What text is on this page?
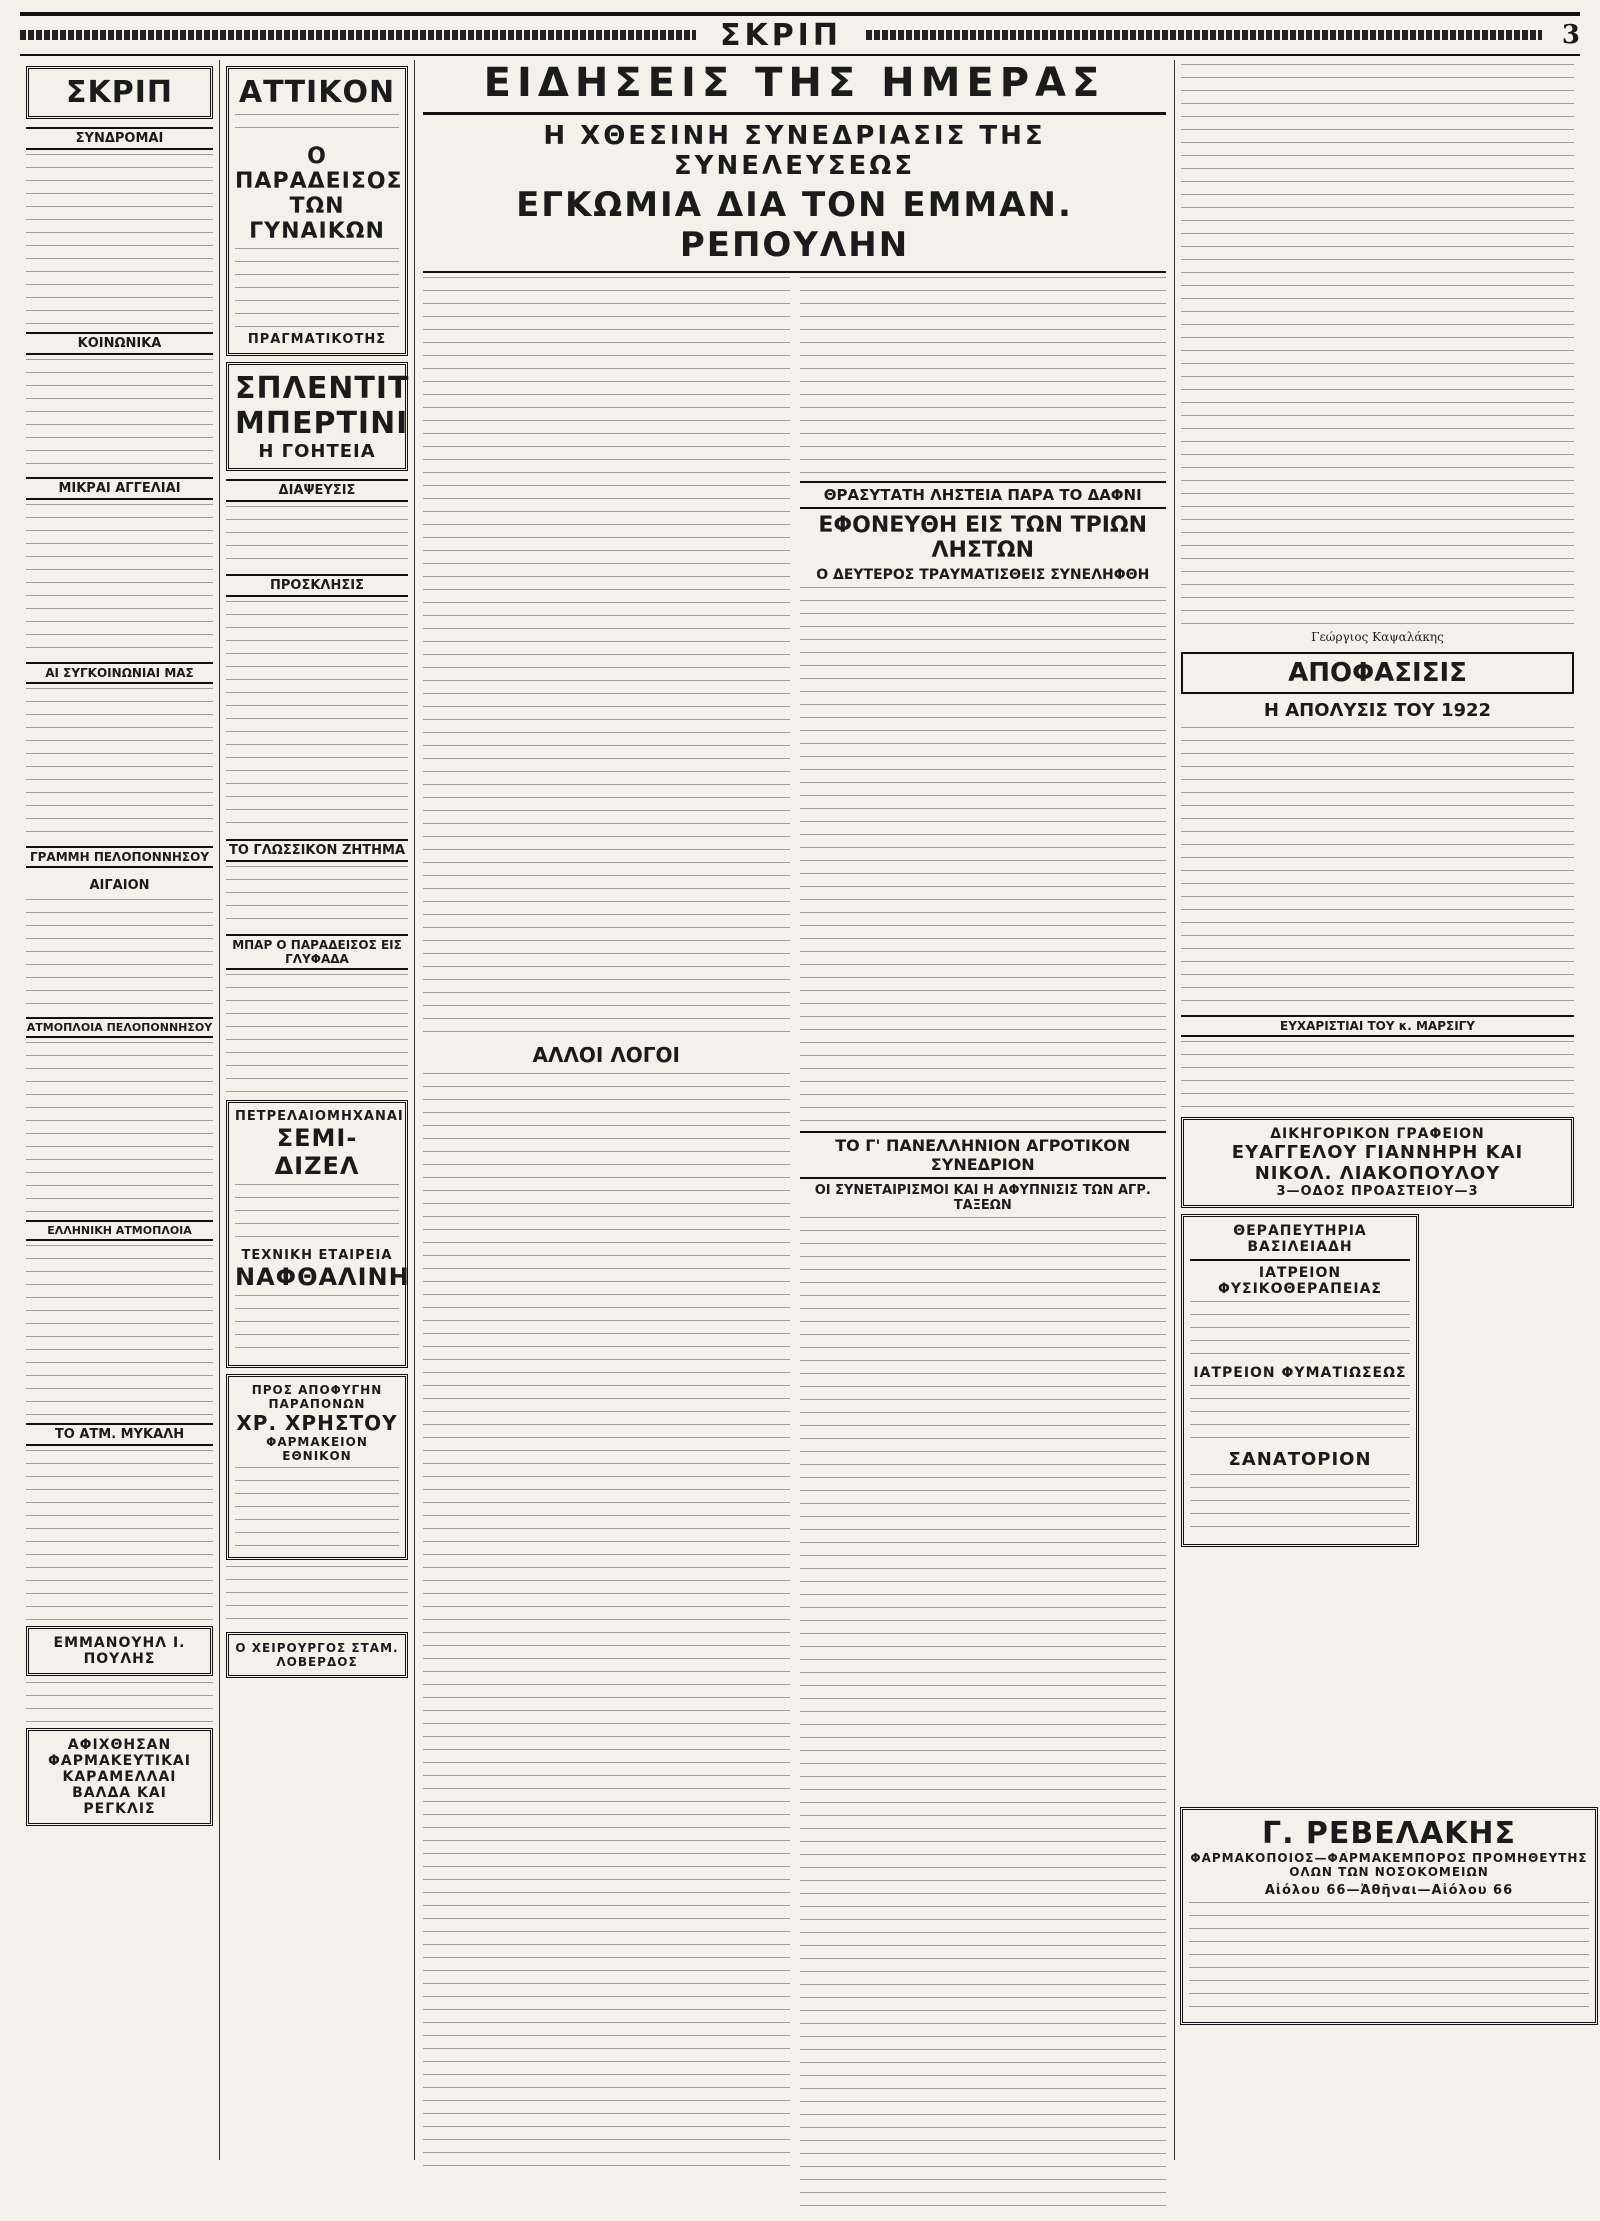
ΣΚΡΙΠ	3
ΣΚΡΙΠ
ΣΥΝΔΡΟΜΑΙ
ΚΟΙΝΩΝΙΚΑ
ΜΙΚΡΑΙ ΑΓΓΕΛΙΑΙ
ΑΙ ΣΥΓΚΟΙΝΩΝΙΑΙ ΜΑΣ
ΓΡΑΜΜΗ ΠΕΛΟΠΟΝΝΗΣΟΥ
ΑΙΓΑΙΟΝ
ΑΤΜΟΠΛΟΙΑ ΠΕΛΟΠΟΝΝΗΣΟΥ
ΕΛΛΗΝΙΚΗ ΑΤΜΟΠΛΟΙΑ
ΤΟ ΑΤΜ. ΜΥΚΑΛΗ
ΕΜΜΑΝΟΥΗΛ Ι. ΠΟΥΛΗΣ
ΑΦΙΧΘΗΣΑΝ ΦΑΡΜΑΚΕΥΤΙΚΑΙ ΚΑΡΑΜΕΛΛΑΙ ΒΑΛΔΑ ΚΑΙ ΡΕΓΚΛΙΣ
ΑΤΤΙΚΟΝ
Ο ΠΑΡΑΔΕΙΣΟΣ ΤΩΝ ΓΥΝΑΙΚΩΝ
ΠΡΑΓΜΑΤΙΚΟΤΗΣ
ΣΠΛΕΝΤΙΤ
ΜΠΕΡΤΙΝΙ
Η ΓΟΗΤΕΙΑ
ΔΙΑΨΕΥΣΙΣ
ΠΡΟΣΚΛΗΣΙΣ
ΤΟ ΓΛΩΣΣΙΚΟΝ ΖΗΤΗΜΑ
ΜΠΑΡ Ο ΠΑΡΑΔΕΙΣΟΣ ΕΙΣ ΓΛΥΦΑΔΑ
ΠΕΤΡΕΛΑΙΟΜΗΧΑΝΑΙ
ΣΕΜΙ-ΔΙΖΕΛ
ΤΕΧΝΙΚΗ ΕΤΑΙΡΕΙΑ
ΝΑΦΘΑΛΙΝΗ
ΠΡΟΣ ΑΠΟΦΥΓΗΝ ΠΑΡΑΠΟΝΩΝ
ΧΡ. ΧΡΗΣΤΟΥ
ΦΑΡΜΑΚΕΙΟΝ ΕΘΝΙΚΟΝ
Ο ΧΕΙΡΟΥΡΓΟΣ ΣΤΑΜ. ΛΟΒΕΡΔΟΣ
ΕΙΔΗΣΕΙΣ ΤΗΣ ΗΜΕΡΑΣ
Η ΧΘΕΣΙΝΗ ΣΥΝΕΔΡΙΑΣΙΣ ΤΗΣ ΣΥΝΕΛΕΥΣΕΩΣ
ΕΓΚΩΜΙΑ ΔΙΑ ΤΟΝ ΕΜΜΑΝ. ΡΕΠΟΥΛΗΝ
ΑΛΛΟΙ ΛΟΓΟΙ
ΘΡΑΣΥΤΑΤΗ ΛΗΣΤΕΙΑ ΠΑΡΑ ΤΟ ΔΑΦΝΙ
ΕΦΟΝΕΥΘΗ ΕΙΣ ΤΩΝ ΤΡΙΩΝ ΛΗΣΤΩΝ
Ο ΔΕΥΤΕΡΟΣ ΤΡΑΥΜΑΤΙΣΘΕΙΣ ΣΥΝΕΛΗΦΘΗ
ΤΟ Γ' ΠΑΝΕΛΛΗΝΙΟΝ ΑΓΡΟΤΙΚΟΝ ΣΥΝΕΔΡΙΟΝ
ΟΙ ΣΥΝΕΤΑΙΡΙΣΜΟΙ ΚΑΙ Η ΑΦΥΠΝΙΣΙΣ ΤΩΝ ΑΓΡ. ΤΑΞΕΩΝ
Γεώργιος Καψαλάκης
ΑΠΟΦΑΣΙΣΙΣ
Η ΑΠΟΛΥΣΙΣ ΤΟΥ 1922
ΕΥΧΑΡΙΣΤΙΑΙ ΤΟΥ κ. ΜΑΡΣΙΓΥ
ΔΙΚΗΓΟΡΙΚΟΝ ΓΡΑΦΕΙΟΝ
ΕΥΑΓΓΕΛΟΥ ΓΙΑΝΝΗΡΗ ΚΑΙ ΝΙΚΟΛ. ΛΙΑΚΟΠΟΥΛΟΥ
3—ΟΔΟΣ ΠΡΟΑΣΤΕΙΟΥ—3
ΘΕΡΑΠΕΥΤΗΡΙΑ ΒΑΣΙΛΕΙΑΔΗ
ΙΑΤΡΕΙΟΝ ΦΥΣΙΚΟΘΕΡΑΠΕΙΑΣ
ΙΑΤΡΕΙΟΝ ΦΥΜΑΤΙΩΣΕΩΣ
ΣΑΝΑΤΟΡΙΟΝ
Γ. ΡΕΒΕΛΑΚΗΣ
ΦΑΡΜΑΚΟΠΟΙΟΣ—ΦΑΡΜΑΚΕΜΠΟΡΟΣ ΠΡΟΜΗΘΕΥΤΗΣ ΟΛΩΝ ΤΩΝ ΝΟΣΟΚΟΜΕΙΩΝ
Αἰόλου 66—Ἀθῆναι—Αἰόλου 66
